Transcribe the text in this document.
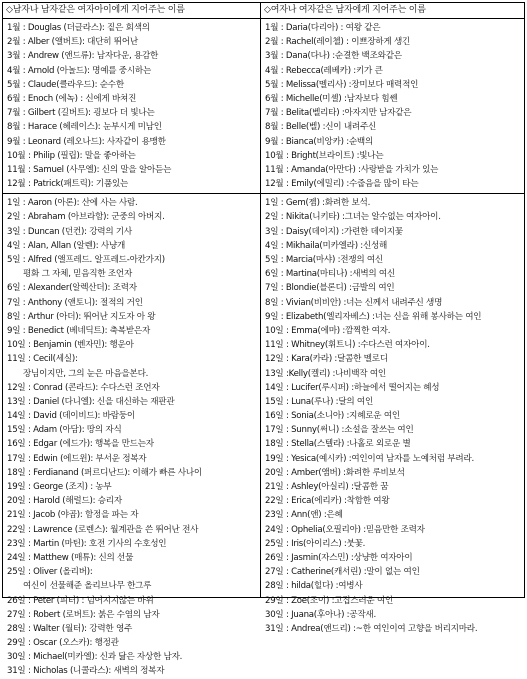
◇남자나 남자같은 여자아이에게 지어주는 이름
1월 : Douglas (더글라스): 짙은 회색의
2월 : Alber (앨버트): 대단히 뛰어난
3월 : Andrew (앤드류): 남자다운, 용감한
4월 : Arnold (아놀드): 명예를 중시하는
5월 : Claude(클라우드): 순수한
6월 : Enoch (에녹) : 신에게 바쳐진
7월 : Gilbert (길버트): 굉보다 더 빛나는
8월 : Harace (헤레이스): 눈부시게 미남인
9월 : Leonard (레오나드): 사자같이 용맹한
10월 : Philip (필립): 말을 좋아하는
11월 : Samuel (사무엘): 신의 말을 알아듣는
12월 : Patrick(패트릭): 기품있는
1일 : Aaron (아론): 산에 사는 사람.
2일 : Abraham (아브라함): 군중의 아버지.
3일 : Duncan (던컨): 강력의 기사
4일 : Alan, Allan (알렌): 사냥개
5일 : Alfred (앨프레드. 알프레드-아칸가지)
평화 그 자체, 믿음직한 조언자
6일 : Alexander(알렉산더): 조력자
7일 : Anthony (앤토니): 절적의 거인
8일 : Arthur (아더): 뛰어난 지도자 아 왕
9일 : Benedict (베네딕트): 축복받은자
10일 : Benjamin (벤자민): 행운아
11일 : Cecil(세실):
장님이지만, 그의 눈은 마음을본다.
12일 : Conrad (콘라드): 수다스런 조언자
13일 : Daniel (다니엘): 신을 대신하는 재판관
14일 : David (데이비드): 바람둥이
15일 : Adam (아담): 땅의 자식
16일 : Edgar (에드가): 행복을 만드는자
17일 : Edwin (에드윈): 부서운 정복자
18일 : Ferdianand (퍼르디난드): 이해가 빠른 사나이
19일 : George (조지) : 농부
20일 : Harold (해럴드): 승리자
21일 : Jacob (야곱): 함정을 파는 자
22일 : Lawrence (로렌스): 월계관을 쓴 뛰어난 전사
23일 : Martin (마틴): 호전 기사의 수호성인
24일 : Matthew (매튜): 신의 선물
25일 : Oliver (올리버):
여신이 선물해준 올리브나무 한그루
26일 : Peter (피터) : 넘어지지않는 바위
27일 : Robert (로버트): 붉은 수염의 남자
28일 : Walter (월터): 강력한 영주
29일 : Oscar (오스카): 행정관
30일 : Michael(미카엘): 신과 닮은 자상한 남자.
31일 : Nicholas (니콜라스): 새벽의 정복자
◇여자나 여자같은 남자에게 지어주는 이름
1월 : Daria(다리아) : 여왕 같은
2월 : Rachel(레이첼) : 이쁘장하게 생긴
3월 : Dana(다나) :순결한 백조와같은
4월 : Rebecca(레베카) :키가 큰
5월 : Melissa(멜리사) :장미보다 매력적인
6월 : Michelle(미셸) :남자보다 힘쎈
7월 : Belita(벨리타) :아자지만 남자같은
8월 : Belle(벨) :신이 내려주신
9월 : Bianca(비앙카) :순백의
10월 : Bright(브라이트) :빛나는
11월 : Amanda(아만다) :사랑받을 가치가 있는
12월 : Emily(에밀리) :수줍음을 많이 타는
1일 : Gem(젬) :화려한 보석.
2일 : Nikita(니키타) :그녀는 알수없는 여자아이.
3일 : Daisy(데이지) :가련한 데이지꽃
4일 : Mikhaila(미카엘라) :신성해
5일 : Marcia(마샤) :전쟁의 여신
6일 : Martina(마티나) :새벽의 여신
7일 : Blondie(블론디) :금발의 여인
8일 : Vivian(비비안) :너는 신께서 내려주신 생명
9일 : Elizabeth(엘리자베스) :너는 신을 위해 봉사하는 여인
10일 : Emma(에마) :깜찍한 여자.
11일 : Whitney(휘트니) :수다스런 여자아이.
12일 : Kara(카라) :달콤한 멜로디
13일 :Kelly(켈리) :나비백작 여인
14일 : Lucifer(루시퍼) :하늘에서 떨어지는 혜성
15일 : Luna(루나) :달의 여인
16일 : Sonia(소니아) :지혜로운 여인
17일 : Sunny(써니) :소설을 잘쓰는 여인
18일 : Stella(스텔라) :나홀로 외로운 별
19일 : Yesica(예시카) :여인이여 남자를 노예처럼 부려라.
20일 : Amber(앰버) :화려한 루비보석
21일 : Ashley(아실리) :달콤한 꿈
22일 : Erica(에리카) :착함한 여왕
23일 : Ann(앤) :은혜
24일 : Ophelia(오필리아) :믿음만한 조력자
25일 : Iris(아이리스) :붓꽃.
26일 : Jasmin(자스민) :상냥한 여자아이
27일 : Catherine(캐서린) :말이 없는 여인
28일 : hilda(힐다) :여병사
29일 : Zoe(조이) :고집스러운 여인
30일 : Juana(후아나) :공작새.
31일 : Andrea(앤드리) :~한 여인이여 고향을 버리지마라.
